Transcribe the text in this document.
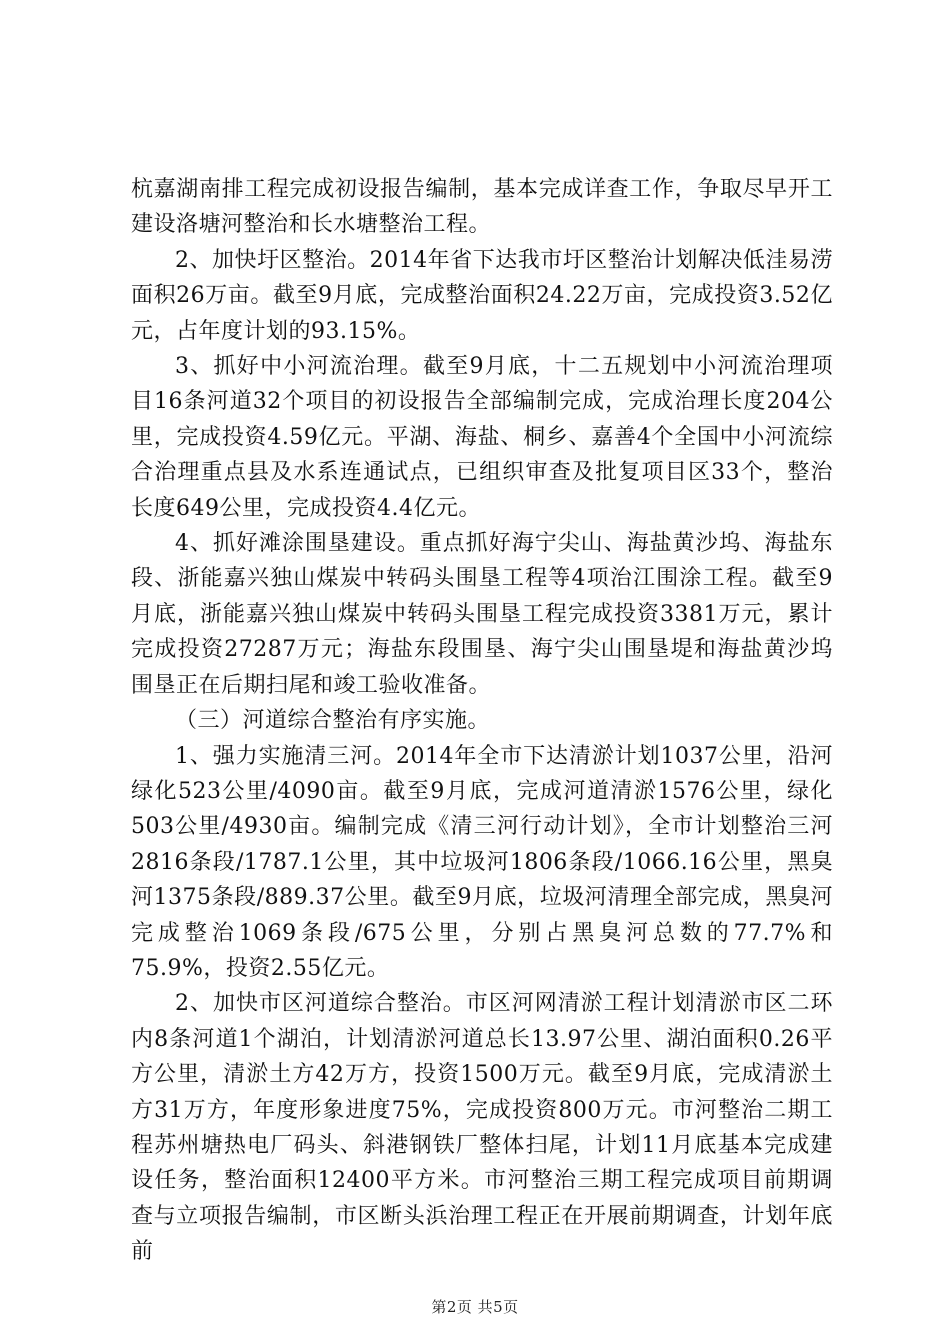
杭嘉湖南排工程完成初设报告编制，基本完成详查工作，争取尽早开工建设洛塘河整治和长水塘整治工程。

2、加快圩区整治。2014年省下达我市圩区整治计划解决低洼易涝面积26万亩。截至9月底，完成整治面积24.22万亩，完成投资3.52亿元，占年度计划的93.15%。

3、抓好中小河流治理。截至9月底，十二五规划中小河流治理项目16条河道32个项目的初设报告全部编制完成，完成治理长度204公里，完成投资4.59亿元。平湖、海盐、桐乡、嘉善4个全国中小河流综合治理重点县及水系连通试点，已组织审查及批复项目区33个，整治长度649公里，完成投资4.4亿元。

4、抓好滩涂围垦建设。重点抓好海宁尖山、海盐黄沙坞、海盐东段、浙能嘉兴独山煤炭中转码头围垦工程等4项治江围涂工程。截至9月底，浙能嘉兴独山煤炭中转码头围垦工程完成投资3381万元，累计完成投资27287万元；海盐东段围垦、海宁尖山围垦堤和海盐黄沙坞围垦正在后期扫尾和竣工验收准备。

（三）河道综合整治有序实施。

1、强力实施清三河。2014年全市下达清淤计划1037公里，沿河绿化523公里/4090亩。截至9月底，完成河道清淤1576公里，绿化503公里/4930亩。编制完成《清三河行动计划》，全市计划整治三河2816条段/1787.1公里，其中垃圾河1806条段/1066.16公里，黑臭河1375条段/889.37公里。截至9月底，垃圾河清理全部完成，黑臭河完成整治1069条段/675公里，分别占黑臭河总数的77.7%和75.9%，投资2.55亿元。

2、加快市区河道综合整治。市区河网清淤工程计划清淤市区二环内8条河道1个湖泊，计划清淤河道总长13.97公里、湖泊面积0.26平方公里，清淤土方42万方，投资1500万元。截至9月底，完成清淤土方31万方，年度形象进度75%，完成投资800万元。市河整治二期工程苏州塘热电厂码头、斜港钢铁厂整体扫尾，计划11月底基本完成建设任务，整治面积12400平方米。市河整治三期工程完成项目前期调查与立项报告编制，市区断头浜治理工程正在开展前期调查，计划年底前

第2页 共5页
